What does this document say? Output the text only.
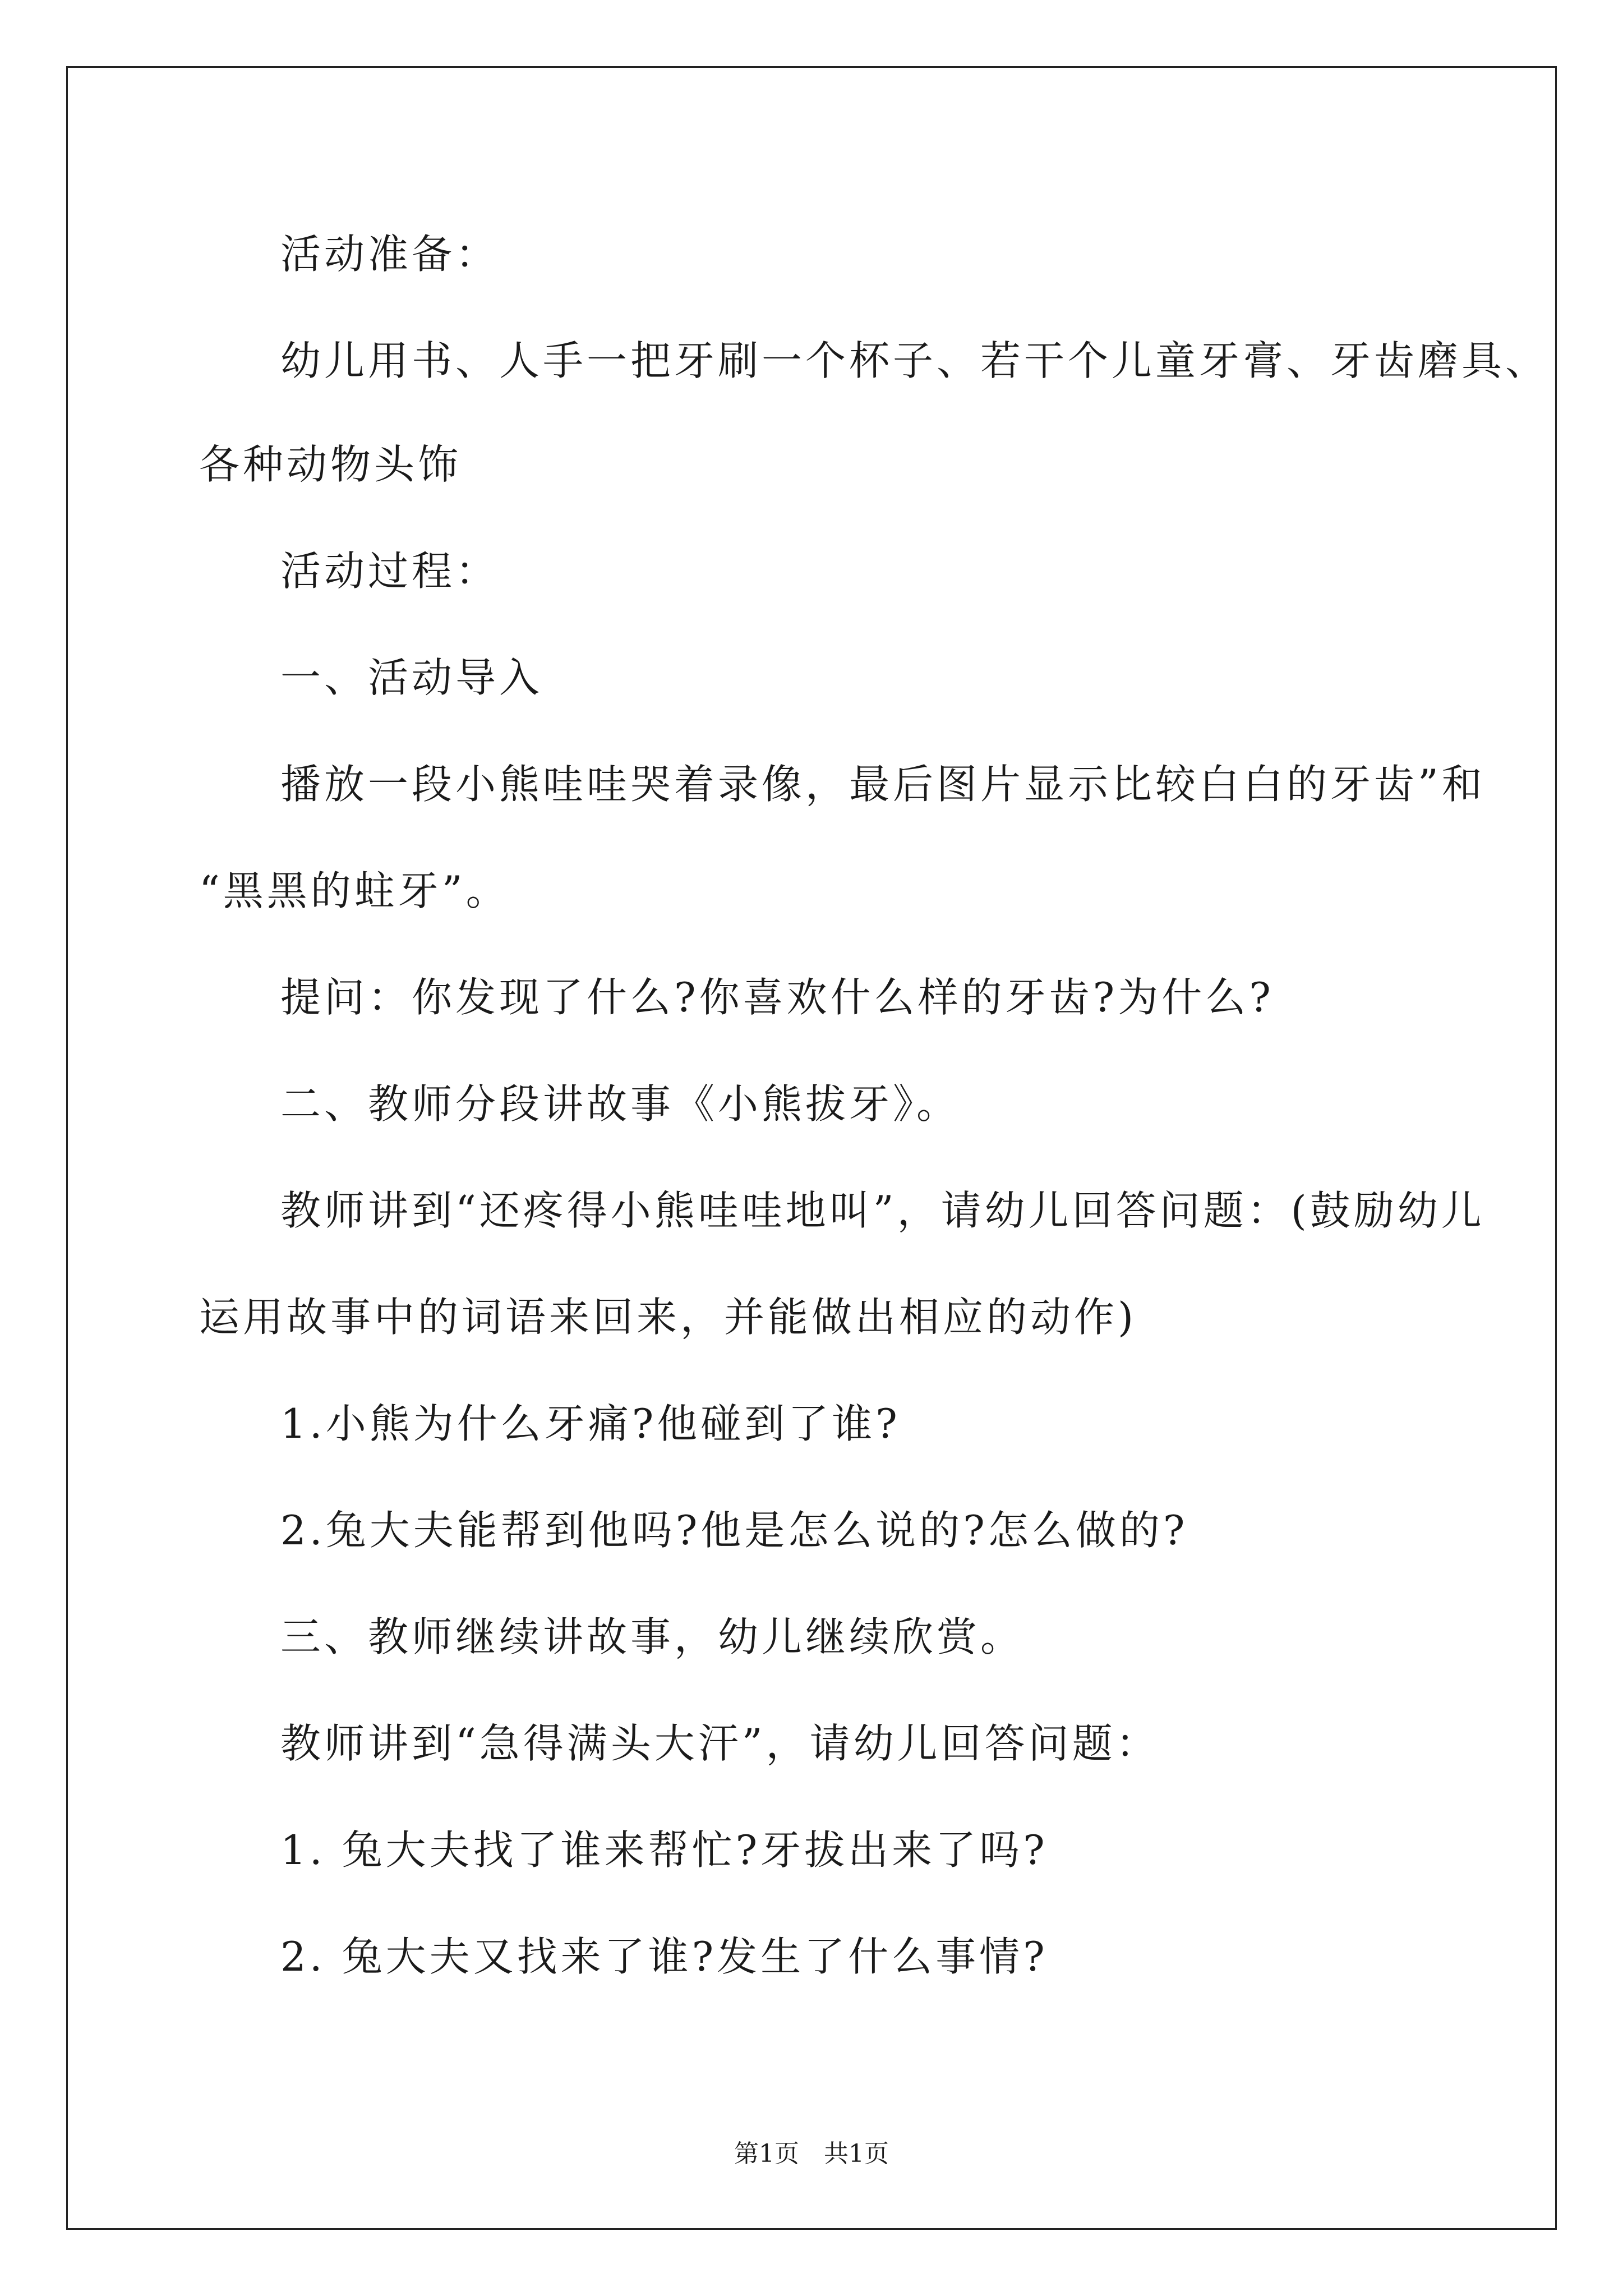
活动准备：
幼儿用书、人手一把牙刷一个杯子、若干个儿童牙膏、牙齿磨具、
各种动物头饰
活动过程：
一、活动导入
播放一段小熊哇哇哭着录像，最后图片显示比较白白的牙齿”和
“黑黑的蛀牙”。
提问：你发现了什么?你喜欢什么样的牙齿?为什么?
二、教师分段讲故事《小熊拔牙》。
教师讲到“还疼得小熊哇哇地叫”，请幼儿回答问题：(鼓励幼儿
运用故事中的词语来回来，并能做出相应的动作)
1.小熊为什么牙痛?他碰到了谁?
2.兔大夫能帮到他吗?他是怎么说的?怎么做的?
三、教师继续讲故事，幼儿继续欣赏。
教师讲到“急得满头大汗”，请幼儿回答问题：
1. 兔大夫找了谁来帮忙?牙拔出来了吗?
2. 兔大夫又找来了谁?发生了什么事情?
第1页　共1页
